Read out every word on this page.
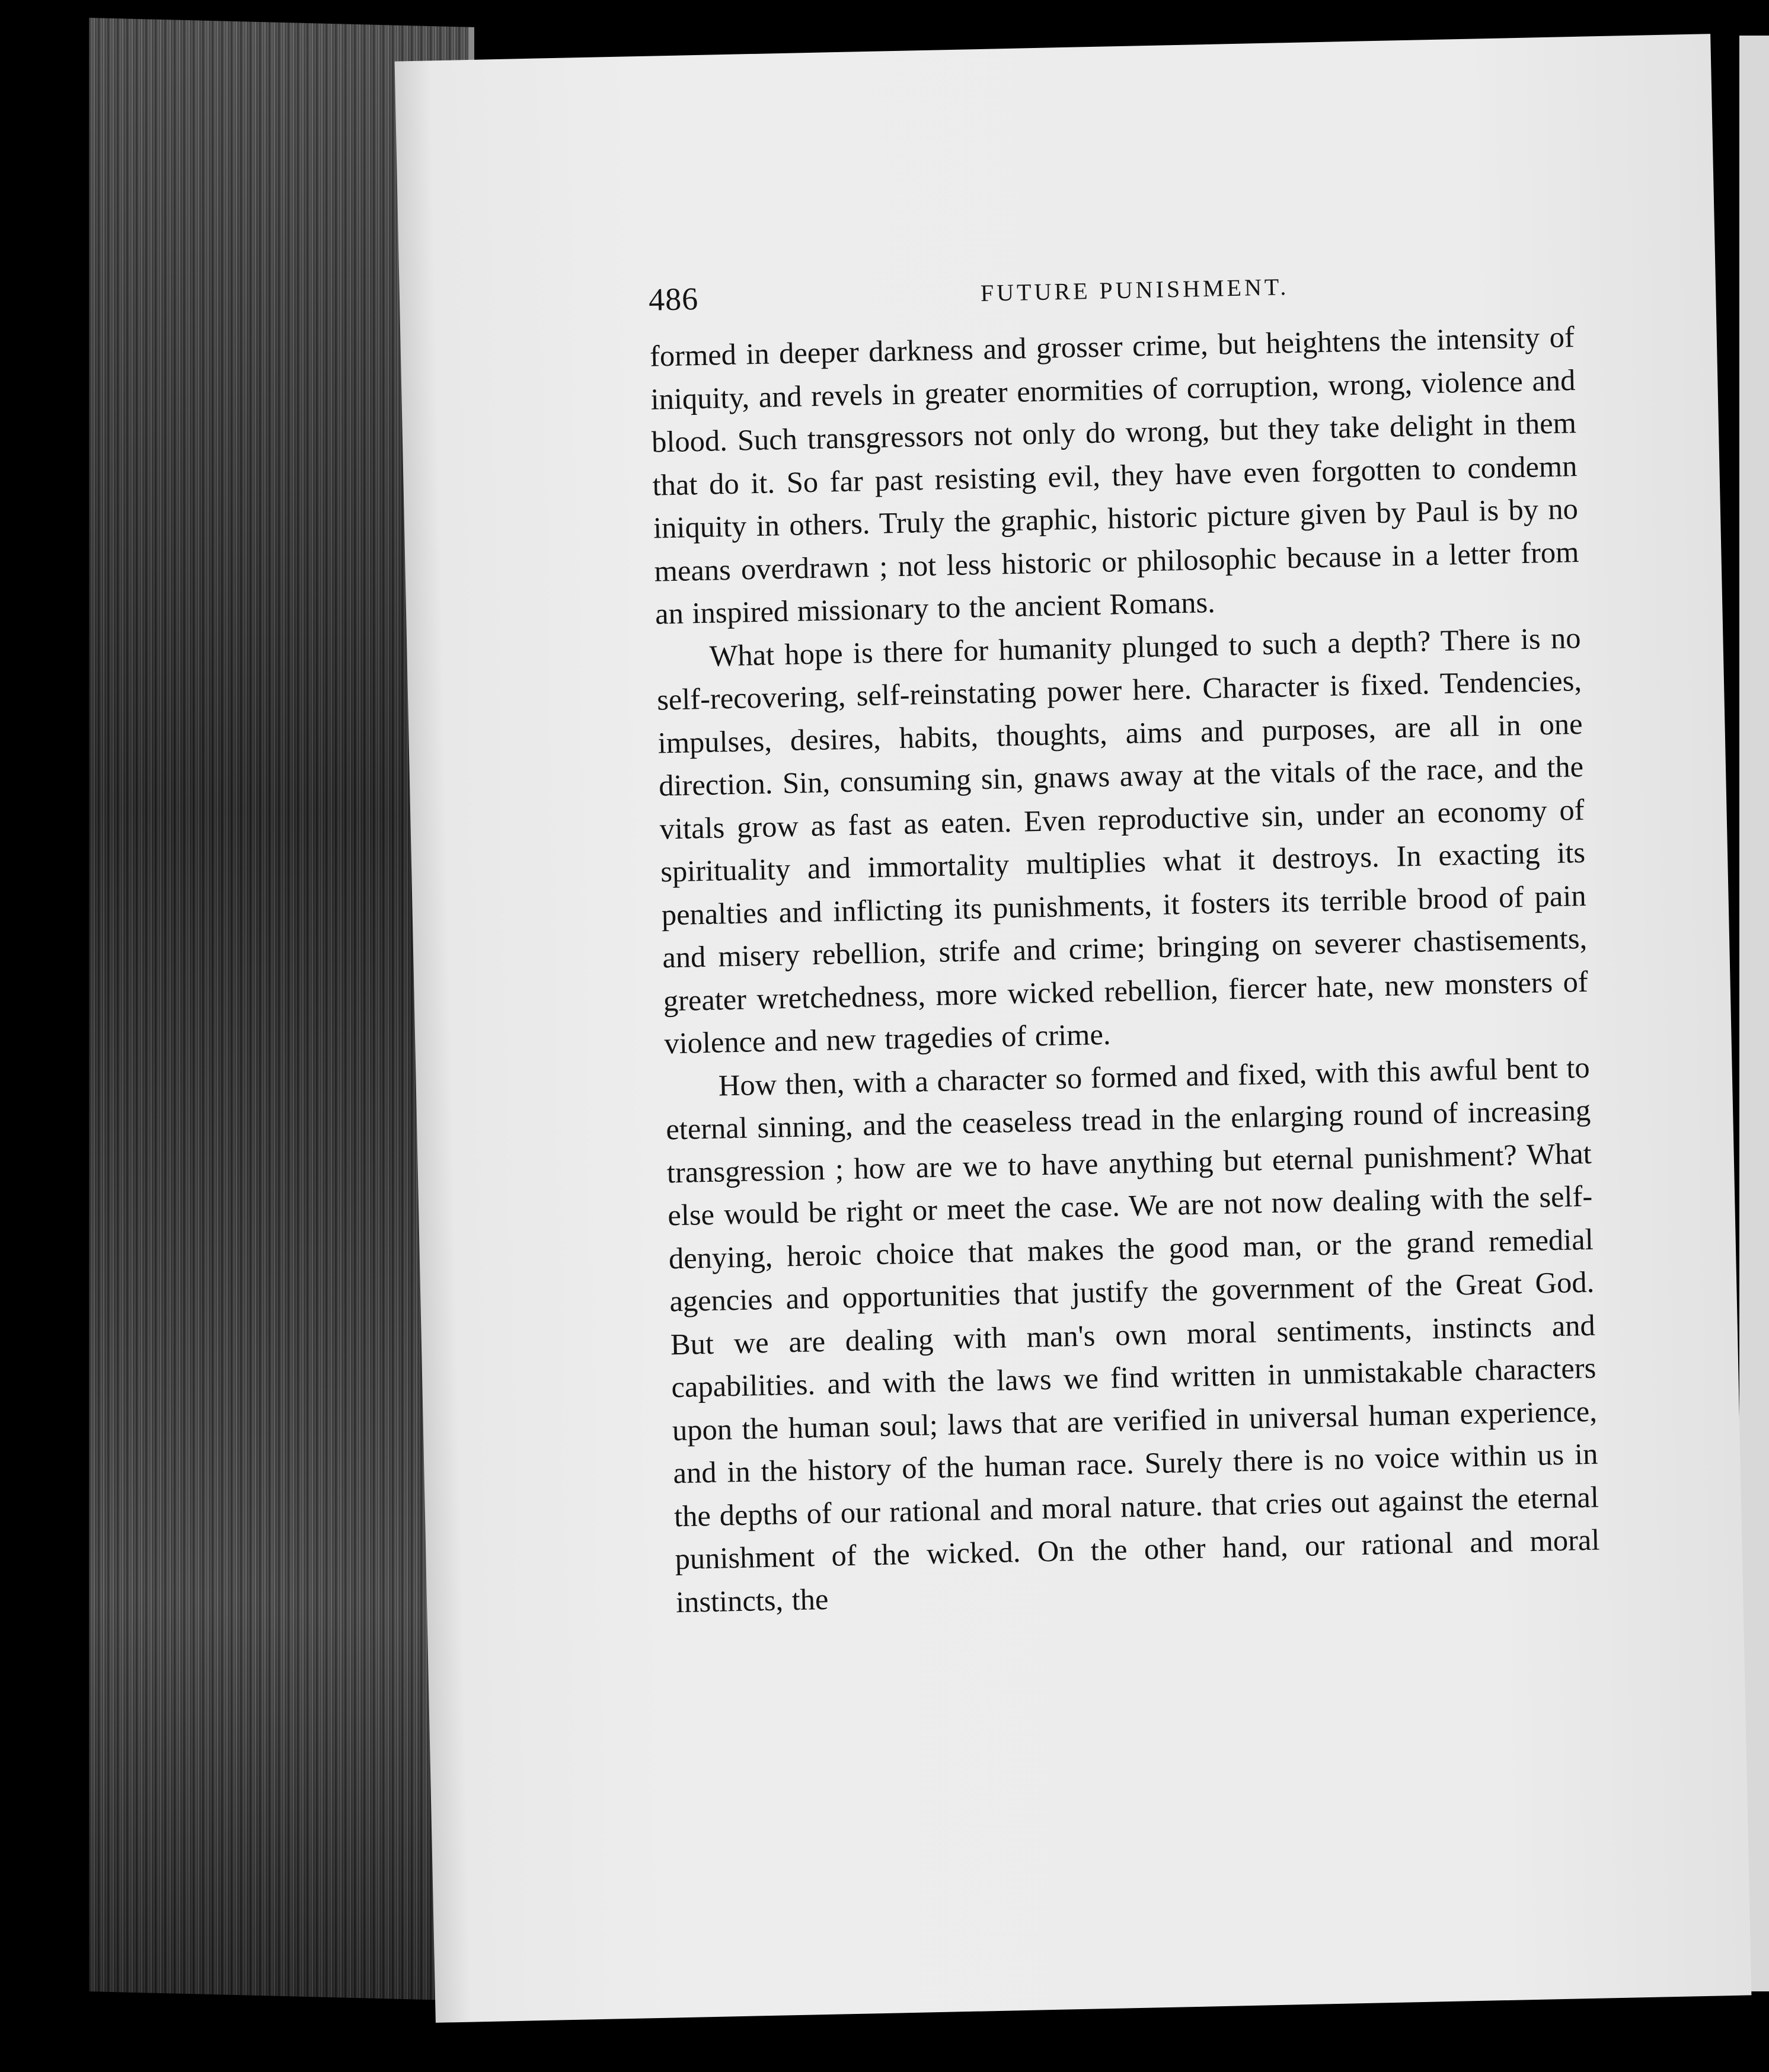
486	FUTURE PUNISHMENT.

formed in deeper darkness and grosser crime, but heightens the intensity of iniquity, and revels in greater enormities of corruption, wrong, violence and blood. Such transgressors not only do wrong, but they take delight in them that do it. So far past resisting evil, they have even forgotten to condemn iniquity in others. Truly the graphic, historic picture given by Paul is by no means overdrawn ; not less historic or philosophic because in a letter from an inspired missionary to the ancient Romans.

What hope is there for humanity plunged to such a depth? There is no self-recovering, self-reinstating power here. Character is fixed. Tendencies, impulses, desires, habits, thoughts, aims and purposes, are all in one direction. Sin, consuming sin, gnaws away at the vitals of the race, and the vitals grow as fast as eaten. Even reproductive sin, under an economy of spirituality and immortality multiplies what it destroys. In exacting its penalties and inflicting its punishments, it fosters its terrible brood of pain and misery rebellion, strife and crime; bringing on severer chastisements, greater wretchedness, more wicked rebellion, fiercer hate, new monsters of violence and new tragedies of crime.

How then, with a character so formed and fixed, with this awful bent to eternal sinning, and the ceaseless tread in the enlarging round of increasing transgression ; how are we to have anything but eternal punishment? What else would be right or meet the case. We are not now dealing with the self-denying, heroic choice that makes the good man, or the grand remedial agencies and opportunities that justify the government of the Great God. But we are dealing with man's own moral sentiments, instincts and capabilities. and with the laws we find written in unmistakable characters upon the human soul; laws that are verified in universal human experience, and in the history of the human race. Surely there is no voice within us in the depths of our rational and moral nature. that cries out against the eternal punishment of the wicked. On the other hand, our rational and moral instincts, the
